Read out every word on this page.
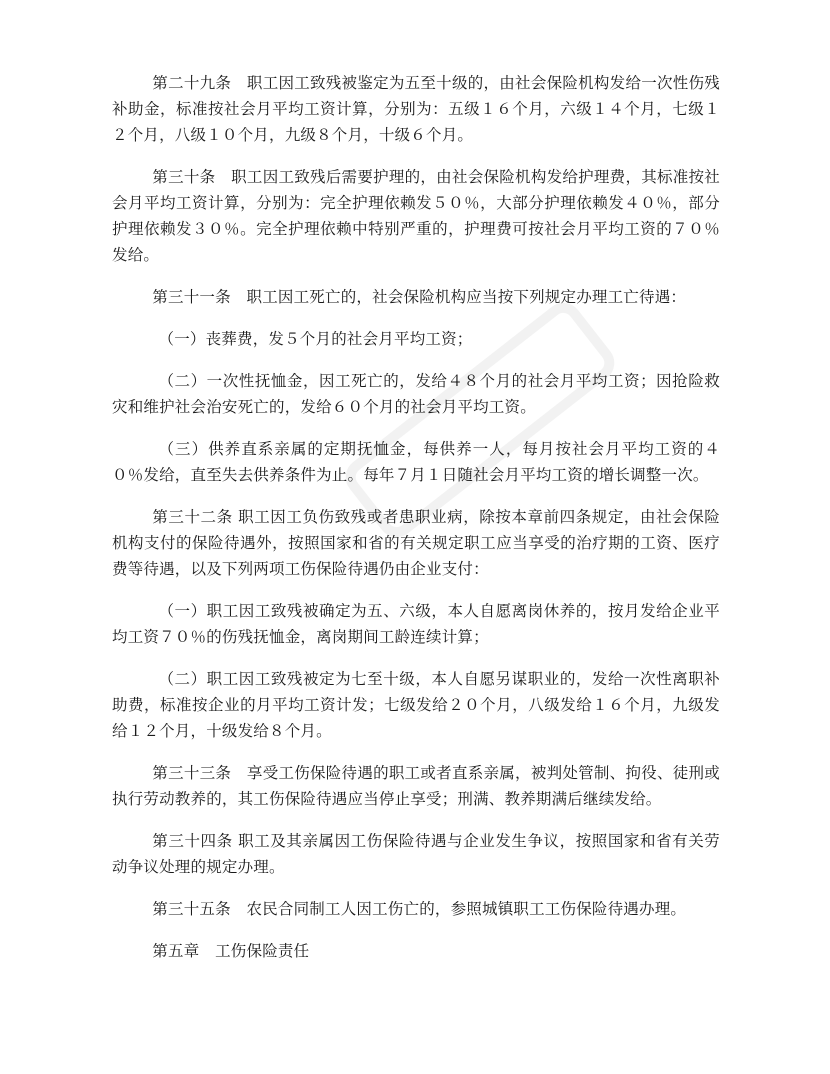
第二十九条　职工因工致残被鉴定为五至十级的，由社会保险机构发给一次性伤残补助金，标准按社会月平均工资计算，分别为：五级１６个月，六级１４个月，七级１２个月，八级１０个月，九级８个月，十级６个月。

第三十条　职工因工致残后需要护理的，由社会保险机构发给护理费，其标准按社会月平均工资计算，分别为：完全护理依赖发５０％，大部分护理依赖发４０％，部分护理依赖发３０％。完全护理依赖中特别严重的，护理费可按社会月平均工资的７０％发给。

第三十一条　职工因工死亡的，社会保险机构应当按下列规定办理工亡待遇：

（一）丧葬费，发５个月的社会月平均工资；

（二）一次性抚恤金，因工死亡的，发给４８个月的社会月平均工资；因抢险救灾和维护社会治安死亡的，发给６０个月的社会月平均工资。

（三）供养直系亲属的定期抚恤金，每供养一人，每月按社会月平均工资的４０％发给，直至失去供养条件为止。每年７月１日随社会月平均工资的增长调整一次。

第三十二条 职工因工负伤致残或者患职业病，除按本章前四条规定，由社会保险机构支付的保险待遇外，按照国家和省的有关规定职工应当享受的治疗期的工资、医疗费等待遇，以及下列两项工伤保险待遇仍由企业支付：

（一）职工因工致残被确定为五、六级，本人自愿离岗休养的，按月发给企业平均工资７０％的伤残抚恤金，离岗期间工龄连续计算；

（二）职工因工致残被定为七至十级，本人自愿另谋职业的，发给一次性离职补助费，标准按企业的月平均工资计发；七级发给２０个月，八级发给１６个月，九级发给１２个月，十级发给８个月。

第三十三条　享受工伤保险待遇的职工或者直系亲属，被判处管制、拘役、徒刑或执行劳动教养的，其工伤保险待遇应当停止享受；刑满、教养期满后继续发给。

第三十四条 职工及其亲属因工伤保险待遇与企业发生争议，按照国家和省有关劳动争议处理的规定办理。

第三十五条　农民合同制工人因工伤亡的，参照城镇职工工伤保险待遇办理。

第五章　工伤保险责任
